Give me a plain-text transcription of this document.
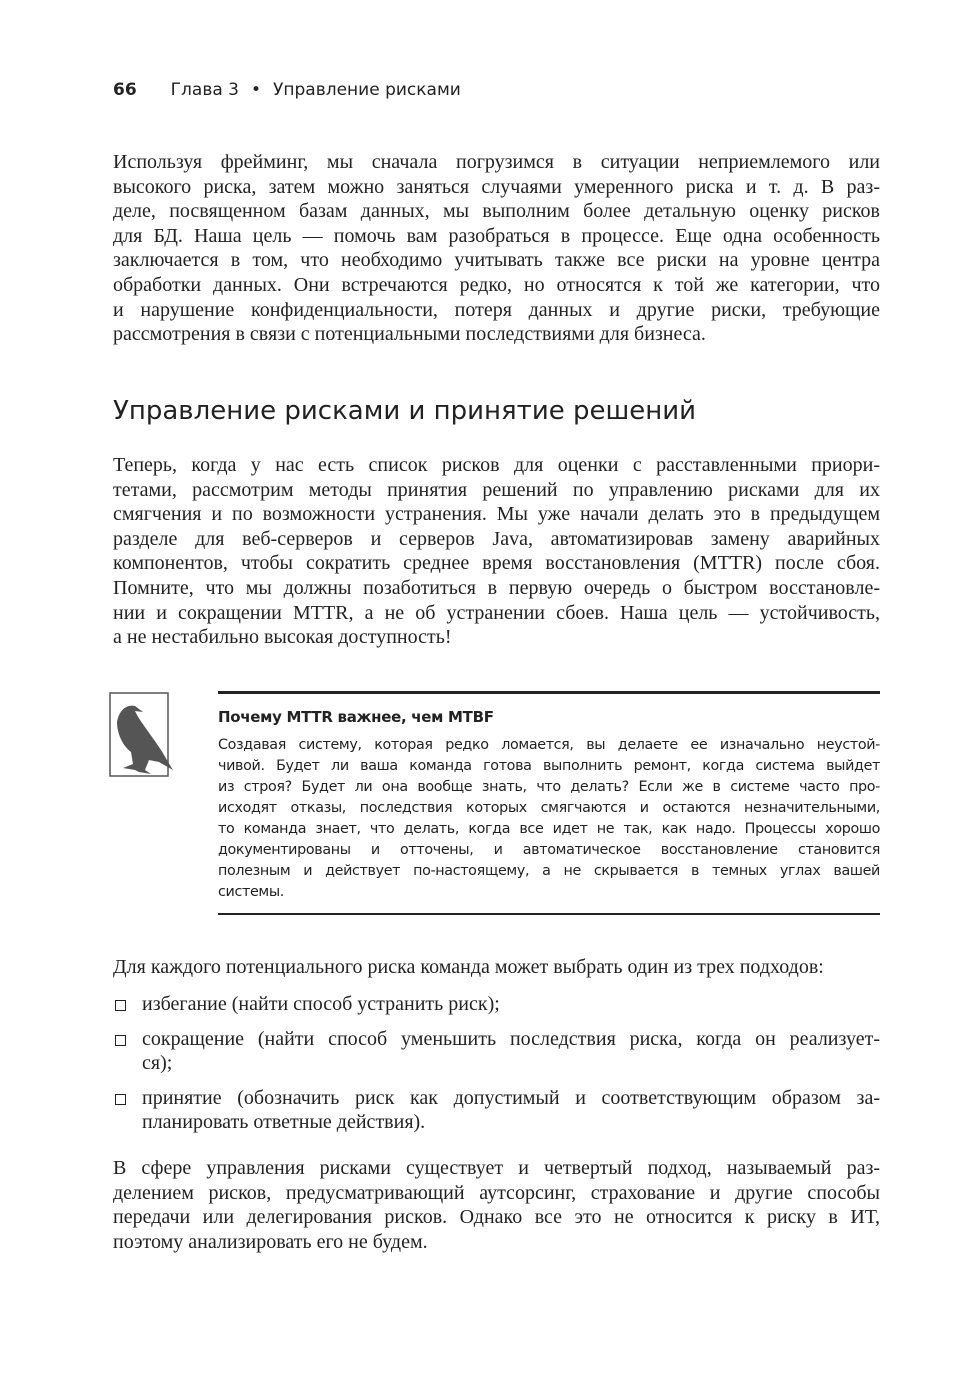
66 Глава 3 • Управление рисками
Используя фрейминг, мы сначала погрузимся в ситуации неприемлемого или
высокого риска, затем можно заняться случаями умеренного риска и т. д. В раз-
деле, посвященном базам данных, мы выполним более детальную оценку рисков
для БД. Наша цель — помочь вам разобраться в процессе. Еще одна особенность
заключается в том, что необходимо учитывать также все риски на уровне центра
обработки данных. Они встречаются редко, но относятся к той же категории, что
и нарушение конфиденциальности, потеря данных и другие риски, требующие
рассмотрения в связи с потенциальными последствиями для бизнеса.
Управление рисками и принятие решений
Теперь, когда у нас есть список рисков для оценки с расставленными приори-
тетами, рассмотрим методы принятия решений по управлению рисками для их
смягчения и по возможности устранения. Мы уже начали делать это в предыдущем
разделе для веб-серверов и серверов Java, автоматизировав замену аварийных
компонентов, чтобы сократить среднее время восстановления (MTTR) после сбоя.
Помните, что мы должны позаботиться в первую очередь о быстром восстановле-
нии и сокращении MTTR, а не об устранении сбоев. Наша цель — устойчивость,
а не нестабильно высокая доступность!
Почему MTTR важнее, чем MTBF
Создавая систему, которая редко ломается, вы делаете ее изначально неустой-
чивой. Будет ли ваша команда готова выполнить ремонт, когда система выйдет
из строя? Будет ли она вообще знать, что делать? Если же в системе часто про-
исходят отказы, последствия которых смягчаются и остаются незначительными,
то команда знает, что делать, когда все идет не так, как надо. Процессы хорошо
документированы и отточены, и автоматическое восстановление становится
полезным и действует по-настоящему, а не скрывается в темных углах вашей
системы.
Для каждого потенциального риска команда может выбрать один из трех подходов:
избегание (найти способ устранить риск);
сокращение (найти способ уменьшить последствия риска, когда он реализует-
ся);
принятие (обозначить риск как допустимый и соответствующим образом за-
планировать ответные действия).
В сфере управления рисками существует и четвертый подход, называемый раз-
делением рисков, предусматривающий аутсорсинг, страхование и другие способы
передачи или делегирования рисков. Однако все это не относится к риску в ИТ,
поэтому анализировать его не будем.
